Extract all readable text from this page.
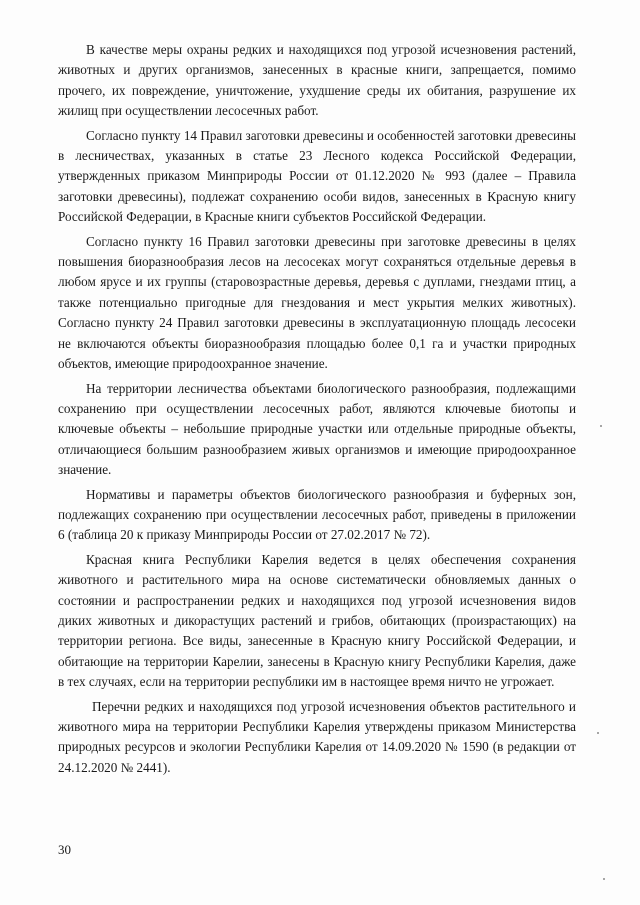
В качестве меры охраны редких и находящихся под угрозой исчезновения растений, животных и других организмов, занесенных в красные книги, запрещается, помимо прочего, их повреждение, уничтожение, ухудшение среды их обитания, разрушение их жилищ при осуществлении лесосечных работ.

Согласно пункту 14 Правил заготовки древесины и особенностей заготовки древесины в лесничествах, указанных в статье 23 Лесного кодекса Российской Федерации, утвержденных приказом Минприроды России от 01.12.2020 № 993 (далее – Правила заготовки древесины), подлежат сохранению особи видов, занесенных в Красную книгу Российской Федерации, в Красные книги субъектов Российской Федерации.

Согласно пункту 16 Правил заготовки древесины при заготовке древесины в целях повышения биоразнообразия лесов на лесосеках могут сохраняться отдельные деревья в любом ярусе и их группы (старовозрастные деревья, деревья с дуплами, гнездами птиц, а также потенциально пригодные для гнездования и мест укрытия мелких животных). Согласно пункту 24 Правил заготовки древесины в эксплуатационную площадь лесосеки не включаются объекты биоразнообразия площадью более 0,1 га и участки природных объектов, имеющие природоохранное значение.

На территории лесничества объектами биологического разнообразия, подлежащими сохранению при осуществлении лесосечных работ, являются ключевые биотопы и ключевые объекты – небольшие природные участки или отдельные природные объекты, отличающиеся большим разнообразием живых организмов и имеющие природоохранное значение.

Нормативы и параметры объектов биологического разнообразия и буферных зон, подлежащих сохранению при осуществлении лесосечных работ, приведены в приложении 6 (таблица 20 к приказу Минприроды России от 27.02.2017 № 72).

Красная книга Республики Карелия ведется в целях обеспечения сохранения животного и растительного мира на основе систематически обновляемых данных о состоянии и распространении редких и находящихся под угрозой исчезновения видов диких животных и дикорастущих растений и грибов, обитающих (произрастающих) на территории региона. Все виды, занесенные в Красную книгу Российской Федерации, и обитающие на территории Карелии, занесены в Красную книгу Республики Карелия, даже в тех случаях, если на территории республики им в настоящее время ничто не угрожает.

Перечни редких и находящихся под угрозой исчезновения объектов растительного и животного мира на территории Республики Карелия утверждены приказом Министерства природных ресурсов и экологии Республики Карелия от 14.09.2020 № 1590 (в редакции от 24.12.2020 № 2441).

30
